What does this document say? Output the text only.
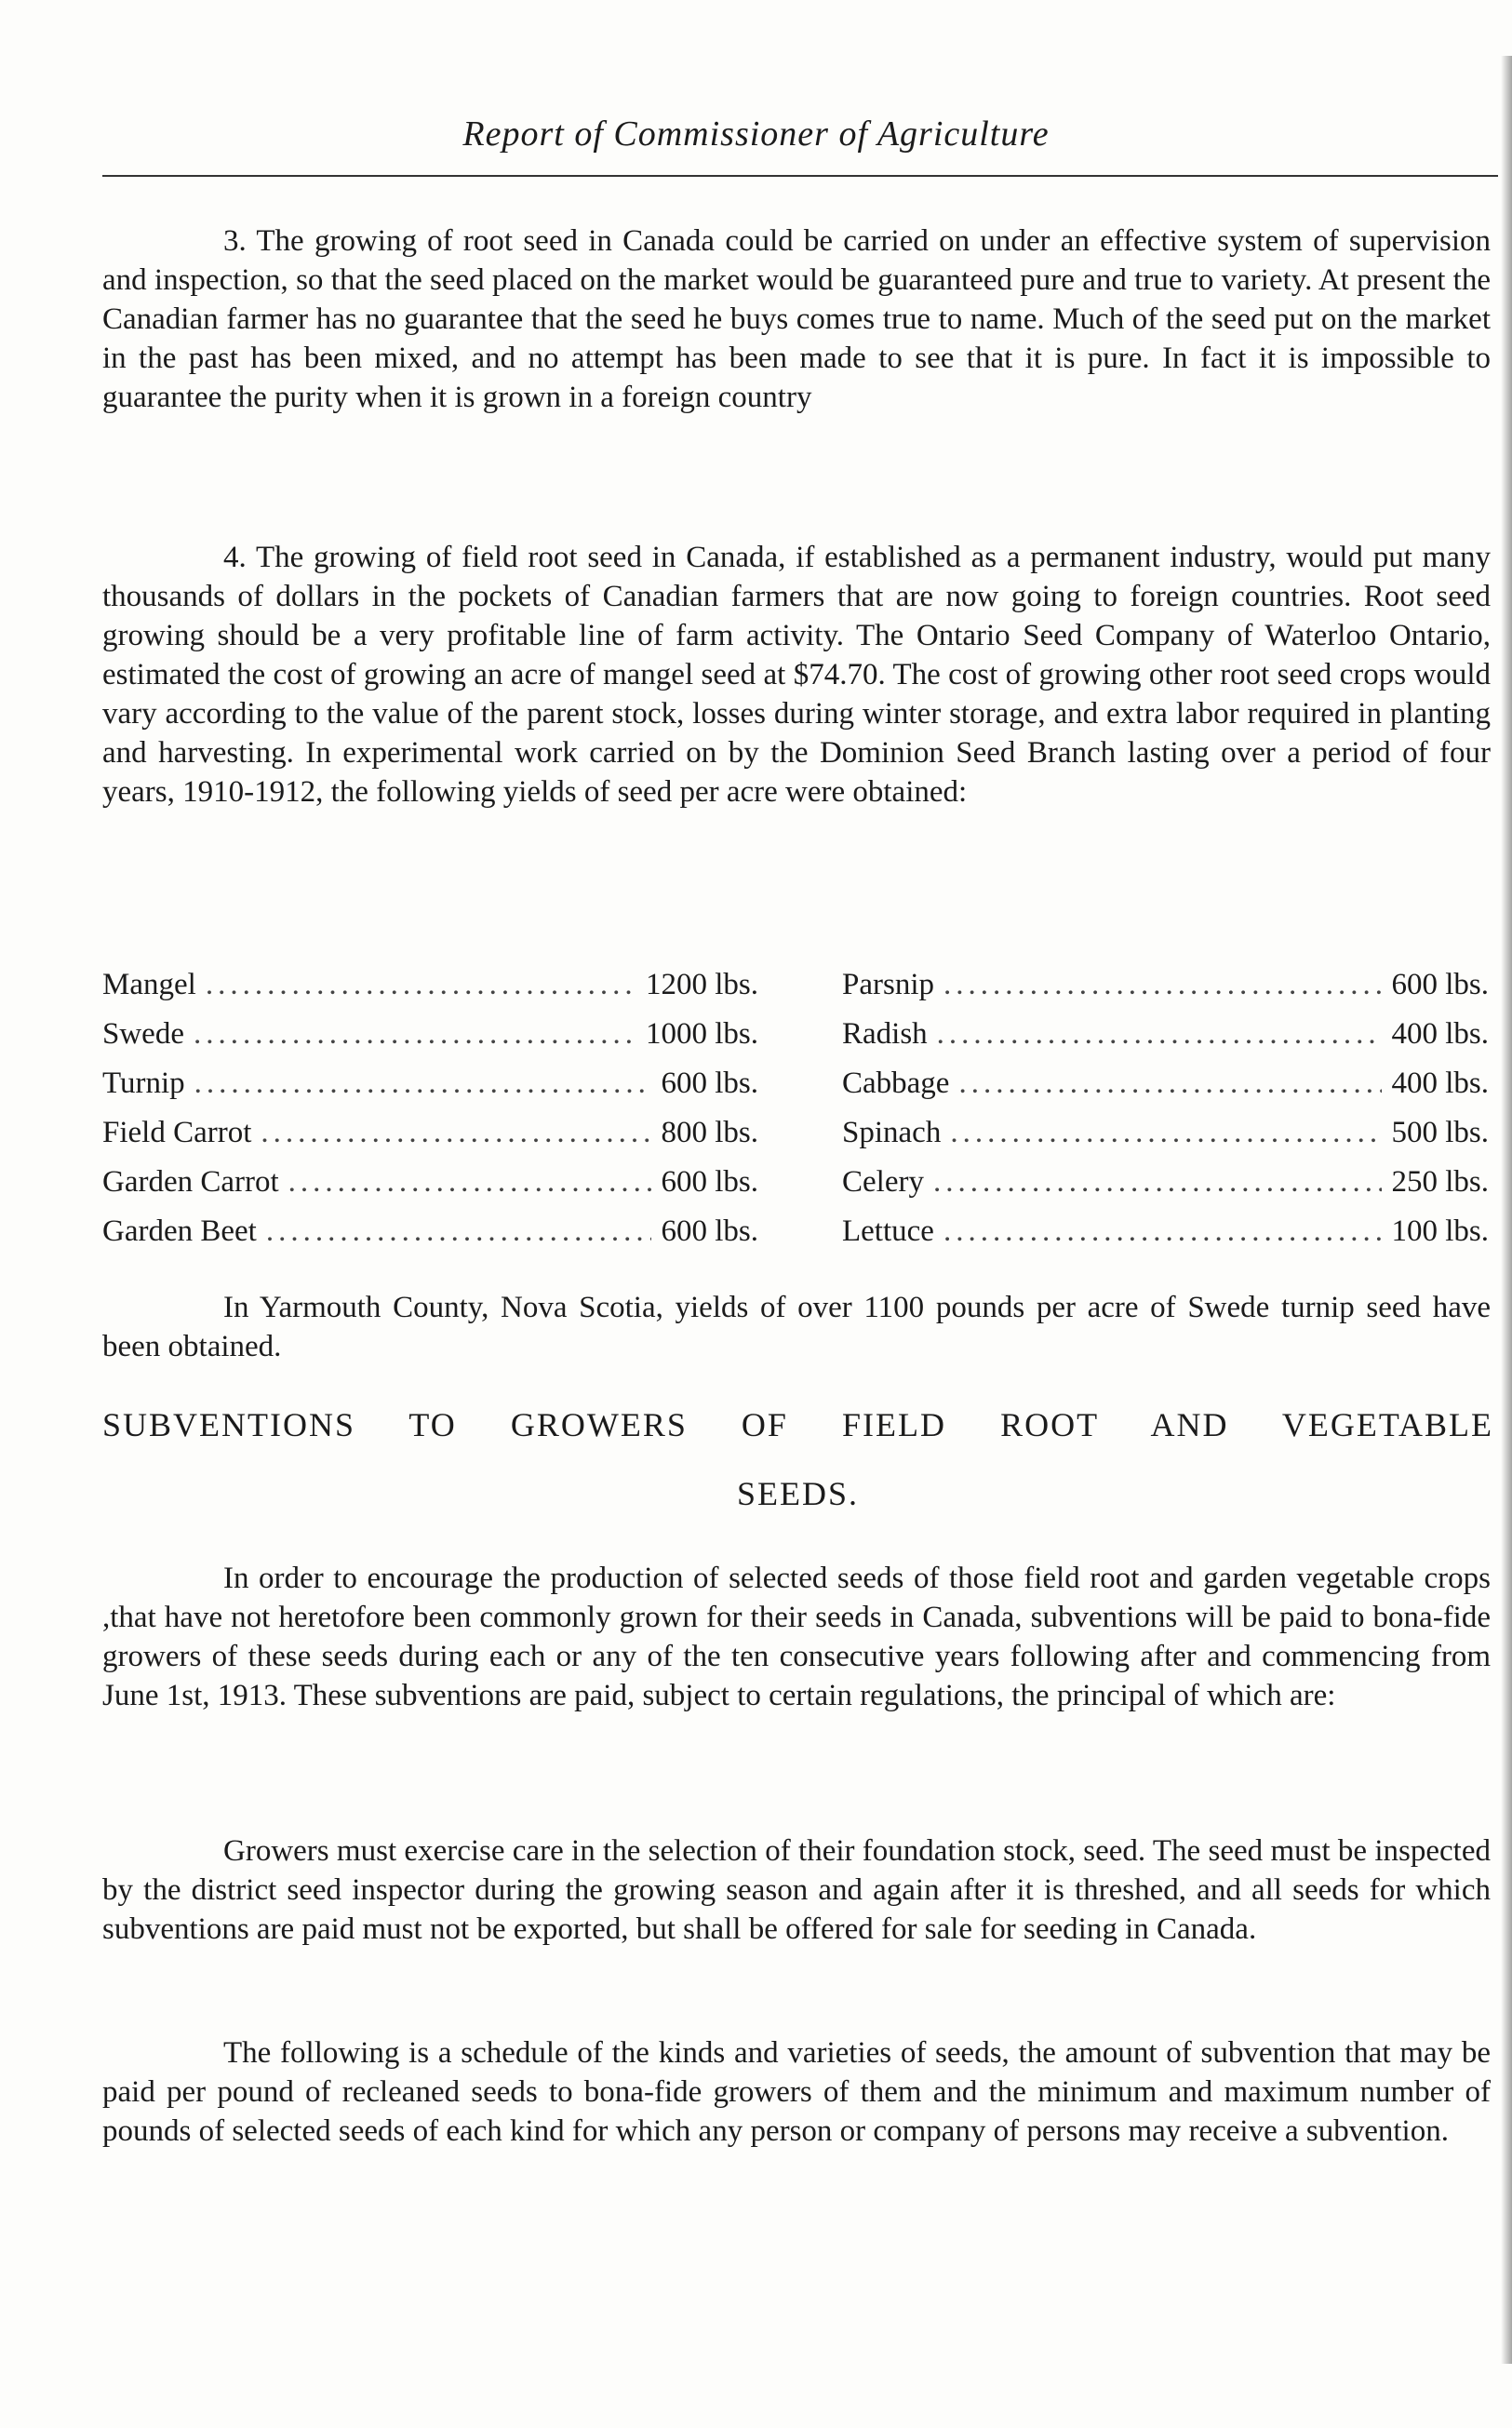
Report of Commissioner of Agriculture

3. The growing of root seed in Canada could be carried on under an effective system of supervision and inspection, so that the seed placed on the market would be guaranteed pure and true to variety. At present the Canadian farmer has no guarantee that the seed he buys comes true to name. Much of the seed put on the market in the past has been mixed, and no attempt has been made to see that it is pure. In fact it is impossible to guarantee the purity when it is grown in a foreign country

4. The growing of field root seed in Canada, if established as a permanent industry, would put many thousands of dollars in the pockets of Canadian farmers that are now going to foreign countries. Root seed growing should be a very profitable line of farm activity. The Ontario Seed Company of Waterloo Ontario, estimated the cost of growing an acre of mangel seed at $74.70. The cost of growing other root seed crops would vary according to the value of the parent stock, losses during winter storage, and extra labor required in planting and harvesting. In experimental work carried on by the Dominion Seed Branch lasting over a period of four years, 1910-1912, the following yields of seed per acre were obtained:

Mangel .....	1200 lbs.
Swede .....	1000 lbs.
Turnip .....	600 lbs.
Field Carrot .....	800 lbs.
Garden Carrot .....	600 lbs.
Garden Beet .....	600 lbs.
Parsnip .....	600 lbs.
Radish .....	400 lbs.
Cabbage .....	400 lbs.
Spinach .....	500 lbs.
Celery .....	250 lbs.
Lettuce .....	100 lbs.

In Yarmouth County, Nova Scotia, yields of over 1100 pounds per acre of Swede turnip seed have been obtained.

SUBVENTIONS TO GROWERS OF FIELD ROOT AND VEGETABLE
SEEDS.

In order to encourage the production of selected seeds of those field root and garden vegetable crops ,that have not heretofore been commonly grown for their seeds in Canada, subventions will be paid to bona-fide growers of these seeds during each or any of the ten consecutive years following after and commencing from June 1st, 1913. These subventions are paid, subject to certain regulations, the principal of which are:

Growers must exercise care in the selection of their foundation stock, seed. The seed must be inspected by the district seed inspector during the growing season and again after it is threshed, and all seeds for which subventions are paid must not be exported, but shall be offered for sale for seeding in Canada.

The following is a schedule of the kinds and varieties of seeds, the amount of subvention that may be paid per pound of recleaned seeds to bona-fide growers of them and the minimum and maximum number of pounds of selected seeds of each kind for which any person or company of persons may receive a subvention.
